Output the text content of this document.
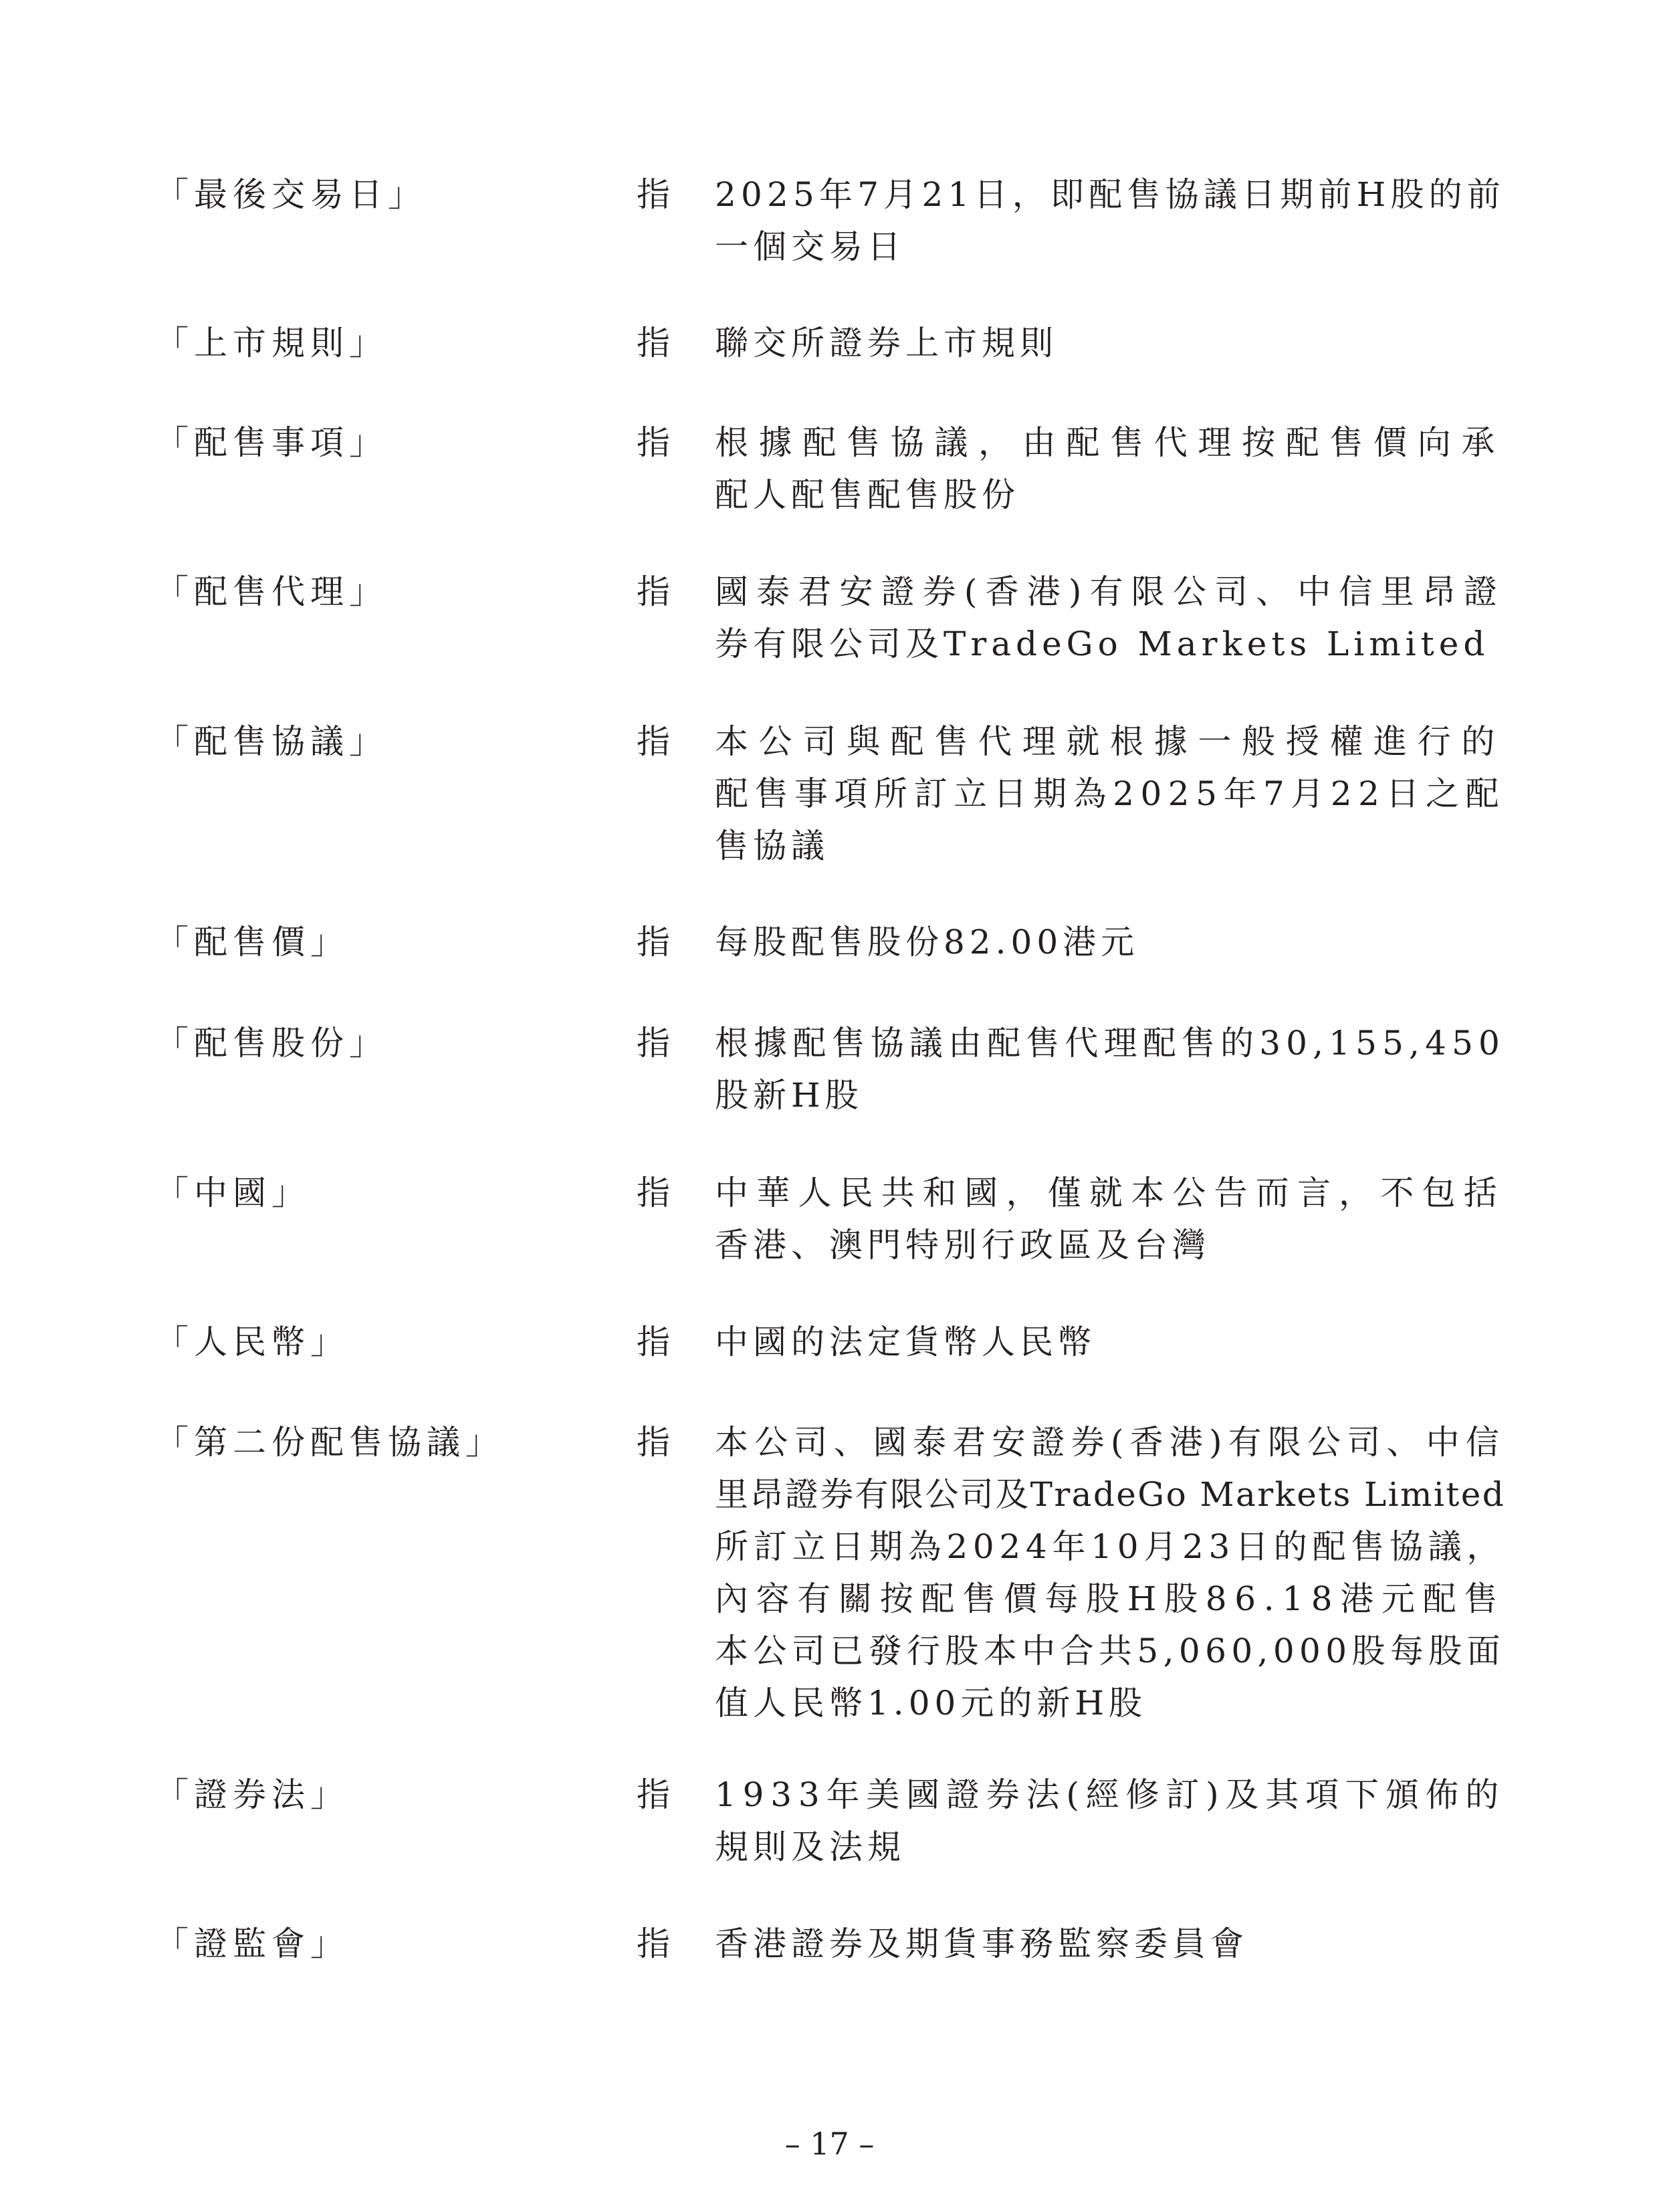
「最後交易日」	指 2025年7月21日，即配售協議日期前H股的前
一個交易日
「上市規則」	指 聯交所證券上市規則
「配售事項」	指 根據配售協議，由配售代理按配售價向承
配人配售配售股份
「配售代理」	指 國泰君安證券(香港)有限公司、中信里昂證
券有限公司及TradeGo Markets Limited
「配售協議」	指 本公司與配售代理就根據一般授權進行的
配售事項所訂立日期為2025年7月22日之配
售協議
「配售價」	指 每股配售股份82.00港元
「配售股份」	指 根據配售協議由配售代理配售的30,155,450
股新H股
「中國」	指 中華人民共和國，僅就本公告而言，不包括
香港、澳門特別行政區及台灣
「人民幣」	指 中國的法定貨幣人民幣
「第二份配售協議」	指 本公司、國泰君安證券(香港)有限公司、中信
里昂證券有限公司及TradeGo Markets Limited
所訂立日期為2024年10月23日的配售協議，
內容有關按配售價每股H股86.18港元配售
本公司已發行股本中合共5,060,000股每股面
值人民幣1.00元的新H股
「證券法」	指 1933年美國證券法(經修訂)及其項下頒佈的
規則及法規
「證監會」	指 香港證券及期貨事務監察委員會
– 17 –
